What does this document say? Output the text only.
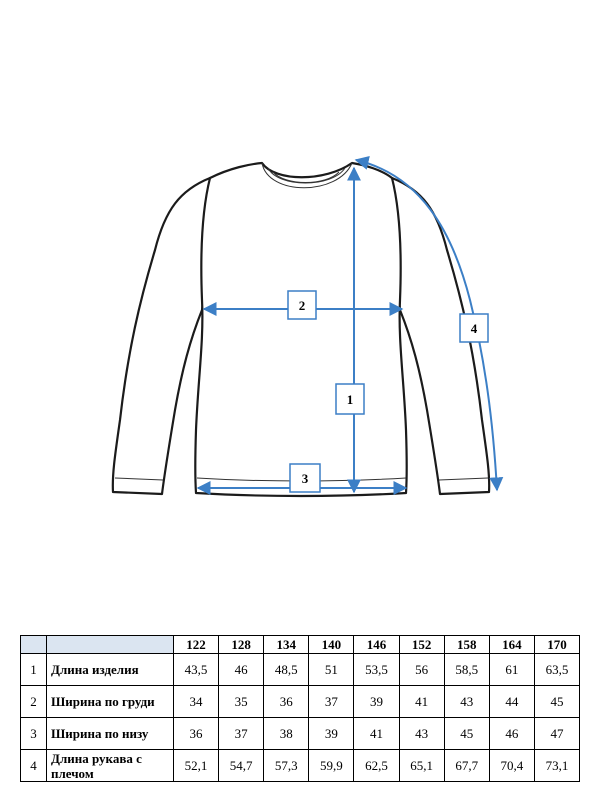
1
2
3
4
		122	128	134	140	146	152	158	164	170
1	Длина изделия	43,5	46	48,5	51	53,5	56	58,5	61	63,5
2	Ширина по груди	34	35	36	37	39	41	43	44	45
3	Ширина по низу	36	37	38	39	41	43	45	46	47
4	Длина рукава с плечом	52,1	54,7	57,3	59,9	62,5	65,1	67,7	70,4	73,1
